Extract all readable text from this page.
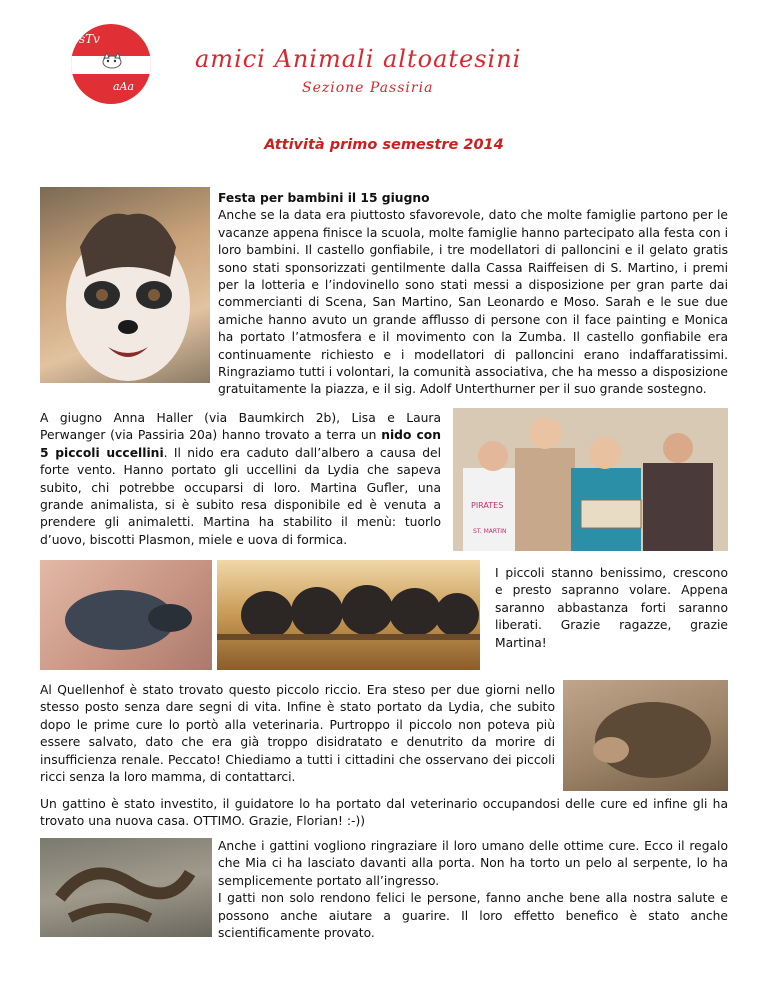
sTv
aAa
amici Animali altoatesini
Sezione Passiria
Attività primo semestre 2014
Festa per bambini il 15 giugno
Anche se la data era piuttosto sfavorevole, dato che molte famiglie partono per le vacanze appena finisce la scuola, molte famiglie hanno partecipato alla festa con i loro bambini. Il castello gonfiabile, i tre modellatori di palloncini e il gelato gratis sono stati sponsorizzati gentilmente dalla Cassa Raiffeisen di S. Martino, i premi per la lotteria e l’indovinello sono stati messi a disposizione per gran parte dai commercianti di Scena, San Martino, San Leonardo e Moso. Sarah e le sue due amiche hanno avuto un grande afflusso di persone con il face painting e Monica ha portato l’atmosfera e il movimento con la Zumba. Il castello gonfiabile era continuamente richiesto e i modellatori di palloncini erano indaffaratissimi. Ringraziamo tutti i volontari, la comunità associativa, che ha messo a disposizione gratuitamente la piazza, e il sig. Adolf Unterthurner per il suo grande sostegno.
A giugno Anna Haller (via Baumkirch 2b), Lisa e Laura Perwanger (via Passiria 20a) hanno trovato a terra un nido con 5 piccoli uccellini. Il nido era caduto dall’albero a causa del forte vento. Hanno portato gli uccellini da Lydia che sapeva subito, chi potrebbe occuparsi di loro. Martina Gufler, una grande animalista, si è subito resa disponibile ed è venuta a prendere gli animaletti. Martina ha stabilito il menù: tuorlo d’uovo, biscotti Plasmon, miele e uova di formica.
PIRATES
ST. MARTIN
I piccoli stanno benissimo, crescono e presto sapranno volare. Appena saranno abbastanza forti saranno liberati. Grazie ragazze, grazie Martina!
Al Quellenhof è stato trovato questo piccolo riccio. Era steso per due giorni nello stesso posto senza dare segni di vita. Infine è stato portato da Lydia, che subito dopo le prime cure lo portò alla veterinaria. Purtroppo il piccolo non poteva più essere salvato, dato che era già troppo disidratato e denutrito da morire di insufficienza renale. Peccato! Chiediamo a tutti i cittadini che osservano dei piccoli ricci senza la loro mamma, di contattarci.
Un gattino è stato investito, il guidatore lo ha portato dal veterinario occupandosi delle cure ed infine gli ha trovato una nuova casa. OTTIMO. Grazie, Florian! :-))
Anche i gattini vogliono ringraziare il loro umano delle ottime cure. Ecco il regalo che Mia ci ha lasciato davanti alla porta. Non ha torto un pelo al serpente, lo ha semplicemente portato all’ingresso.
I gatti non solo rendono felici le persone, fanno anche bene alla nostra salute e possono anche aiutare a guarire. Il loro effetto benefico è stato anche scientificamente provato.
